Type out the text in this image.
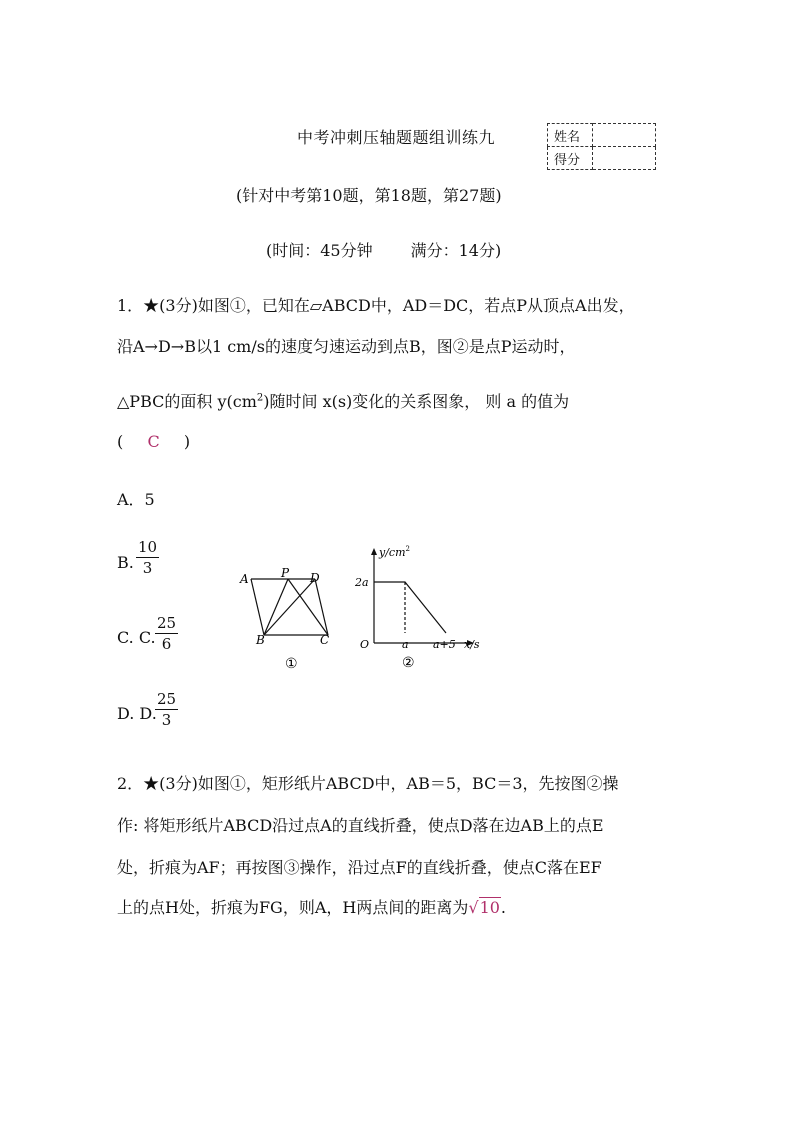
中考冲刺压轴题题组训练九	姓名	
得分	
(针对中考第10题，第18题，第27题)
(时间：45分钟 满分：14分)
1．★(3分)如图①，已知在▱ABCD中，AD＝DC，若点P从顶点A出发，
沿A→D→B以1 cm/s的速度匀速运动到点B，图②是点P运动时，
△PBC的面积 $y(cm^2)$随时间 x(s)变化的关系图象， 则 a 的值为
( C )
A．5
B. $\frac{10}{3}$
C. C. $\frac{25}{6}$
D. D.
$\frac{25}{3}$
A	P D
B	C
①
$y/cm^2$
2a
O	a a+5 x/s
②
2．★(3分)如图①，矩形纸片ABCD中，AB＝5，BC＝3，先按图②操
作: 将矩形纸片ABCD沿过点A的直线折叠，使点D落在边AB上的点E
处，折痕为AF；再按图③操作，沿过点F的直线折叠，使点C落在EF
上的点H处，折痕为FG，则A，H两点间的距离为√10.
